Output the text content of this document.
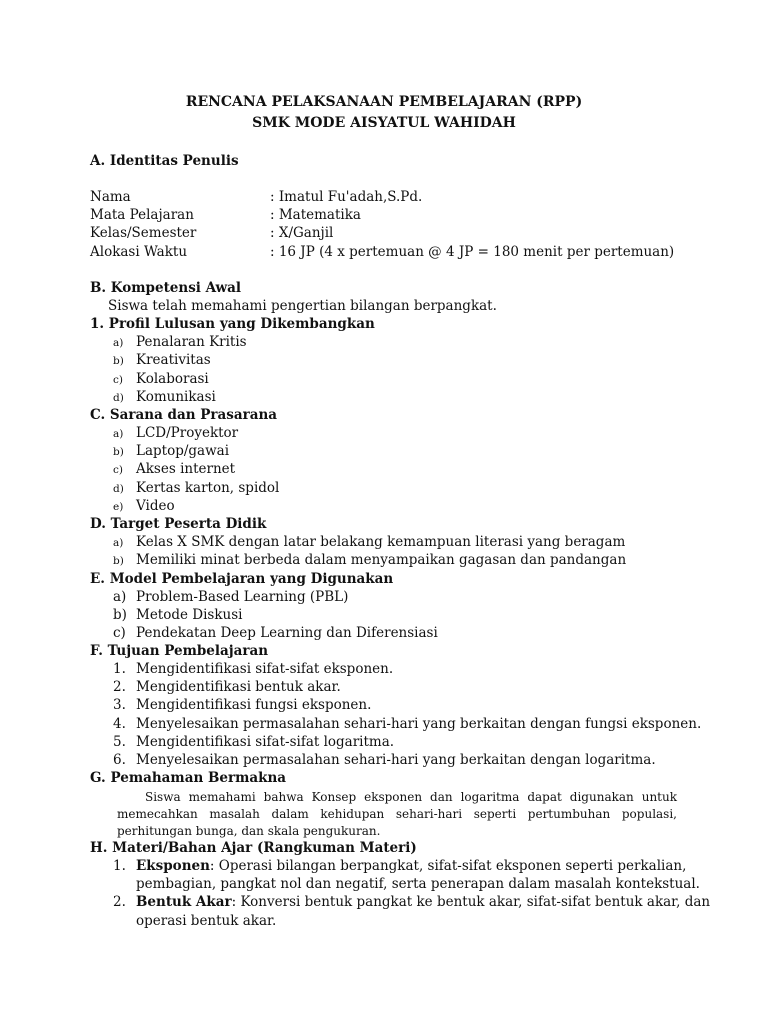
RENCANA PELAKSANAAN PEMBELAJARAN (RPP)
SMK MODE AISYATUL WAHIDAH
A. Identitas Penulis
Nama	: Imatul Fu'adah,S.Pd.
Mata Pelajaran	: Matematika
Kelas/Semester	: X/Ganjil
Alokasi Waktu	: 16 JP (4 x pertemuan @ 4 JP = 180 menit per pertemuan)
B. Kompetensi Awal
Siswa telah memahami pengertian bilangan berpangkat.
1. Profil Lulusan yang Dikembangkan
a) Penalaran Kritis
b) Kreativitas
c) Kolaborasi
d) Komunikasi
C. Sarana dan Prasarana
a) LCD/Proyektor
b) Laptop/gawai
c) Akses internet
d) Kertas karton, spidol
e) Video
D. Target Peserta Didik
a) Kelas X SMK dengan latar belakang kemampuan literasi yang beragam
b) Memiliki minat berbeda dalam menyampaikan gagasan dan pandangan
E. Model Pembelajaran yang Digunakan
a) Problem-Based Learning (PBL)
b) Metode Diskusi
c) Pendekatan Deep Learning dan Diferensiasi
F. Tujuan Pembelajaran
1. Mengidentifikasi sifat-sifat eksponen.
2. Mengidentifikasi bentuk akar.
3. Mengidentifikasi fungsi eksponen.
4. Menyelesaikan permasalahan sehari-hari yang berkaitan dengan fungsi eksponen.
5. Mengidentifikasi sifat-sifat logaritma.
6. Menyelesaikan permasalahan sehari-hari yang berkaitan dengan logaritma.
G. Pemahaman Bermakna
Siswa memahami bahwa Konsep eksponen dan logaritma dapat digunakan untuk
memecahkan masalah dalam kehidupan sehari-hari seperti pertumbuhan populasi,
perhitungan bunga, dan skala pengukuran.
H. Materi/Bahan Ajar (Rangkuman Materi)
1. Eksponen: Operasi bilangan berpangkat, sifat-sifat eksponen seperti perkalian,
pembagian, pangkat nol dan negatif, serta penerapan dalam masalah kontekstual.
2. Bentuk Akar: Konversi bentuk pangkat ke bentuk akar, sifat-sifat bentuk akar, dan
operasi bentuk akar.
